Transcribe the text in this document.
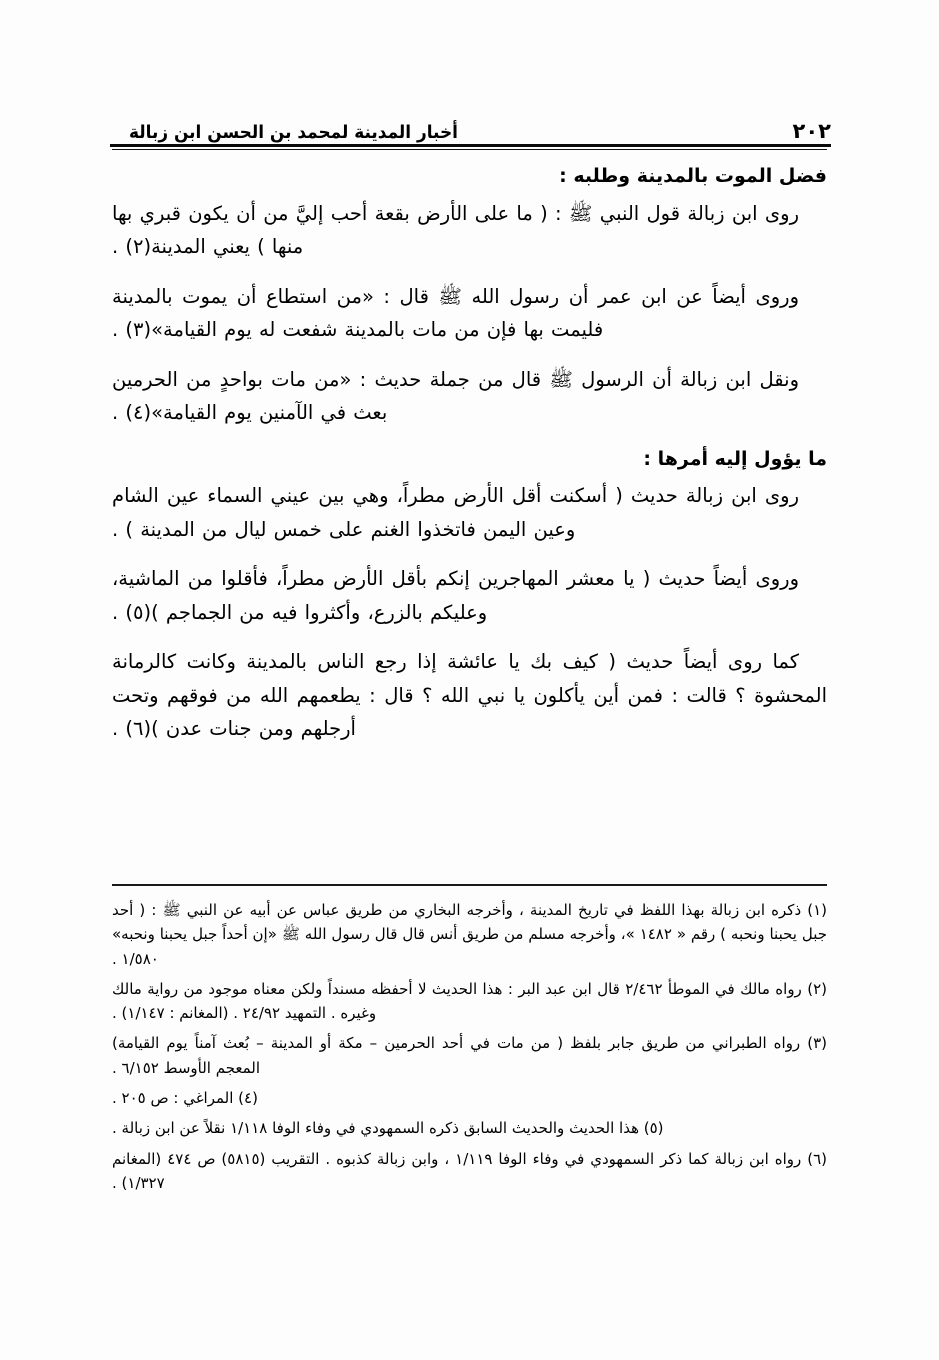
أخبار المدينة لمحمد بن الحسن ابن زبالة	٢٠٢
فضل الموت بالمدينة وطلبه :

روى ابن زبالة قول النبي ﷺ : ( ما على الأرض بقعة أحب إليَّ من أن يكون قبري بها منها ) يعني المدينة‏(٢) .

وروى أيضاً عن ابن عمر أن رسول الله ﷺ قال : «من استطاع أن يموت بالمدينة فليمت بها فإن من مات بالمدينة شفعت له يوم القيامة»‏(٣) .

ونقل ابن زبالة أن الرسول ﷺ قال من جملة حديث : «من مات بواحدٍ من الحرمين بعث في الآمنين يوم القيامة»‏(٤) .

ما يؤول إليه أمرها :

روى ابن زبالة حديث ( أسكنت أقل الأرض مطراً، وهي بين عيني السماء عين الشام وعين اليمن فاتخذوا الغنم على خمس ليال من المدينة ) .

وروى أيضاً حديث ( يا معشر المهاجرين إنكم بأقل الأرض مطراً، فأقلوا من الماشية، وعليكم بالزرع، وأكثروا فيه من الجماجم )‏(٥) .

كما روى أيضاً حديث ( كيف بك يا عائشة إذا رجع الناس بالمدينة وكانت كالرمانة المحشوة ؟ قالت : فمن أين يأكلون يا نبي الله ؟ قال : يطعمهم الله من فوقهم وتحت أرجلهم ومن جنات عدن )‏(٦) .

(١) ذكره ابن زبالة بهذا اللفظ في تاريخ المدينة ، وأخرجه البخاري من طريق عباس عن أبيه عن النبي ﷺ : ( أحد جبل يحبنا ونحبه ) رقم « ١٤٨٢ »، وأخرجه مسلم من طريق أنس قال قال رسول الله ﷺ «إن أحداً جبل يحبنا ونحبه» ١/٥٨٠ .

(٢) رواه مالك في الموطأ ٢/٤٦٢ قال ابن عبد البر : هذا الحديث لا أحفظه مسنداً ولكن معناه موجود من رواية مالك وغيره . التمهيد ٢٤/٩٢ . (المغانم : ١/١٤٧) .

(٣) رواه الطبراني من طريق جابر بلفظ ( من مات في أحد الحرمين – مكة أو المدينة – بُعث آمناً يوم القيامة) المعجم الأوسط ٦/١٥٢ .

(٤) المراغي : ص ٢٠٥ .

(٥) هذا الحديث والحديث السابق ذكره السمهودي في وفاء الوفا ١/١١٨ نقلاً عن ابن زبالة .

(٦) رواه ابن زبالة كما ذكر السمهودي في وفاء الوفا ١/١١٩ ، وابن زبالة كذبوه . التقريب (٥٨١٥) ص ٤٧٤ (المغانم ١/٣٢٧) .
